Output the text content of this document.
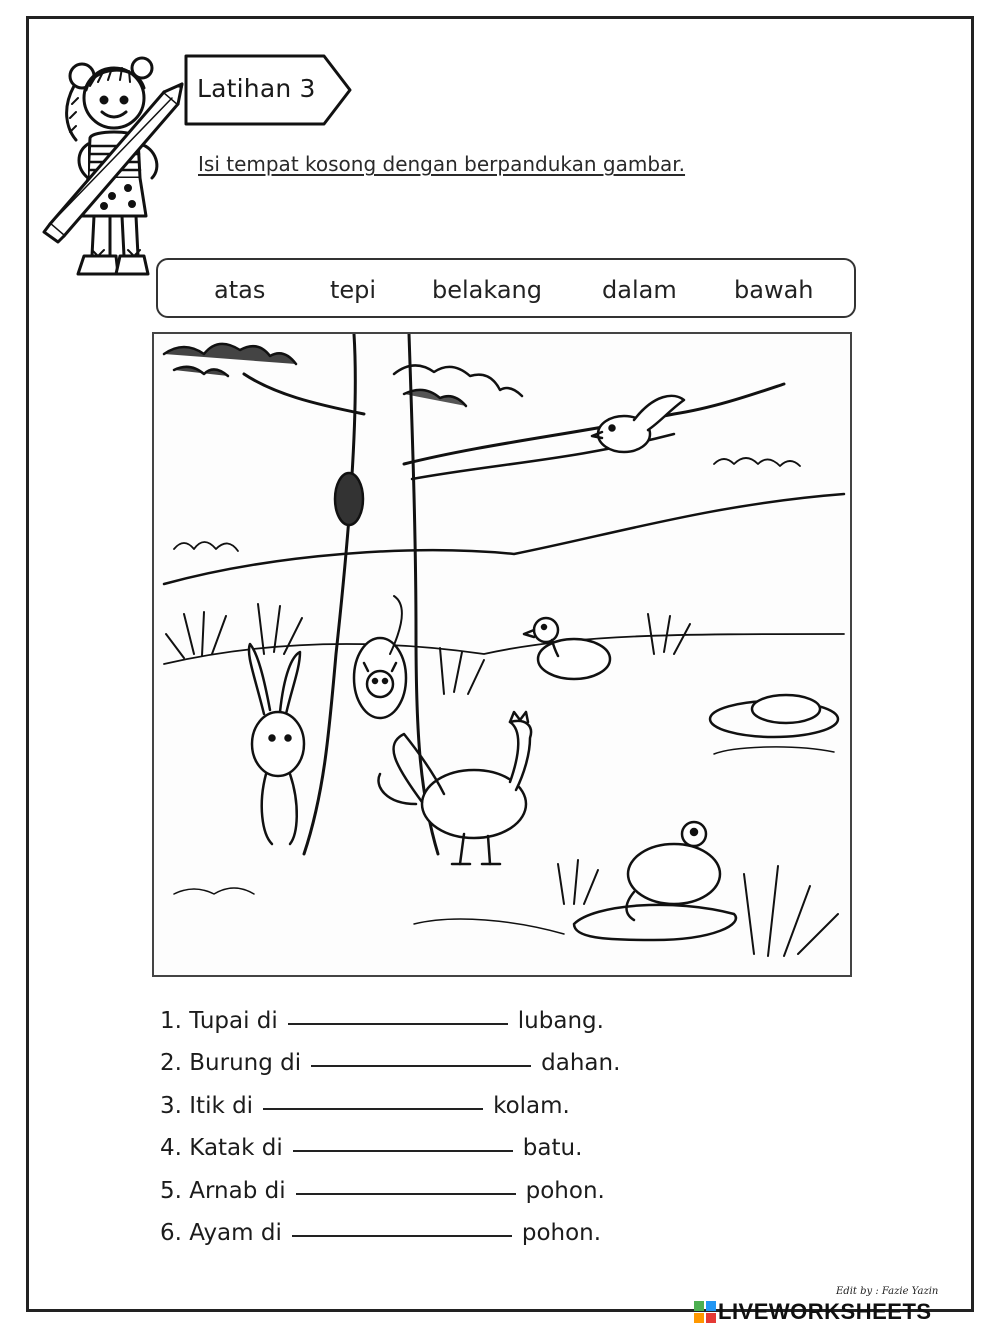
Latihan 3
Isi tempat kosong dengan berpandukan gambar.
atas	tepi belakang dalam bawah
1. Tupai di	lubang.
2. Burung di	dahan.
3. Itik di	kolam.
4. Katak di	batu.
5. Arnab di	pohon.
6. Ayam di	pohon.
Edit by : Fazie Yazin
LIVEWORKSHEETS
